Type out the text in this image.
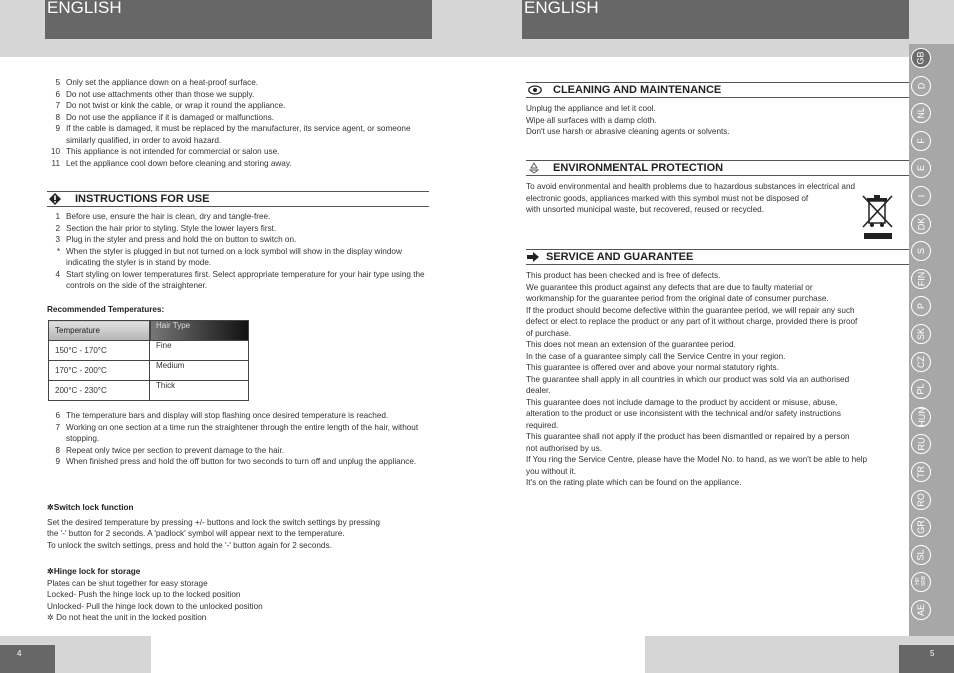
ENGLISH	ENGLISH
5 Only set the appliance down on a heat-proof surface.
6 Do not use attachments other than those we supply.
7 Do not twist or kink the cable, or wrap it round the appliance.
8 Do not use the appliance if it is damaged or malfunctions.
9 If the cable is damaged, it must be replaced by the manufacturer, its service agent, or someone similarly qualified, in order to avoid hazard.
10 This appliance is not intended for commercial or salon use.
11 Let the appliance cool down before cleaning and storing away.
INSTRUCTIONS FOR USE
1 Before use, ensure the hair is clean, dry and tangle-free.
2 Section the hair prior to styling. Style the lower layers first.
3 Plug in the styler and press and hold the on button to switch on.
* When the styler is plugged in but not turned on a lock symbol will show in the display window indicating the styler is in stand by mode.
4 Start styling on lower temperatures first. Select appropriate temperature for your hair type using the controls on the side of the straightener.
Recommended Temperatures:
Temperature	Hair Type
150°C - 170°C	Fine
170°C - 200°C	Medium
200°C - 230°C	Thick
6 The temperature bars and display will stop flashing once desired temperature is reached.
7 Working on one section at a time run the straightener through the entire length of the hair, without stopping.
8 Repeat only twice per section to prevent damage to the hair.
9 When finished press and hold the off button for two seconds to turn off and unplug the appliance.
✲Switch lock function
Set the desired temperature by pressing +/- buttons and lock the switch settings by pressing
the '-' button for 2 seconds. A 'padlock' symbol will appear next to the temperature.
To unlock the switch settings, press and hold the '-' button again for 2 seconds.
✲Hinge lock for storage
Plates can be shut together for easy storage
Locked- Push the hinge lock up to the locked position
Unlocked- Pull the hinge lock down to the unlocked position
✲ Do not heat the unit in the locked position
CLEANING AND MAINTENANCE
Unplug the appliance and let it cool.
Wipe all surfaces with a damp cloth.
Don't use harsh or abrasive cleaning agents or solvents.
ENVIRONMENTAL PROTECTION
To avoid environmental and health problems due to hazardous substances in electrical and
electronic goods, appliances marked with this symbol must not be disposed of
with unsorted municipal waste, but recovered, reused or recycled.
SERVICE AND GUARANTEE
This product has been checked and is free of defects.
We guarantee this product against any defects that are due to faulty material or
workmanship for the guarantee period from the original date of consumer purchase.
If the product should become defective within the guarantee period, we will repair any such
defect or elect to replace the product or any part of it without charge, provided there is proof
of purchase.
This does not mean an extension of the guarantee period.
In the case of a guarantee simply call the Service Centre in your region.
This guarantee is offered over and above your normal statutory rights.
The guarantee shall apply in all countries in which our product was sold via an authorised
dealer.
This guarantee does not include damage to the product by accident or misuse, abuse,
alteration to the product or use inconsistent with the technical and/or safety instructions
required.
This guarantee shall not apply if the product has been dismantled or repaired by a person
not authorised by us.
If You ring the Service Centre, please have the Model No. to hand, as we won't be able to help
you without it.
It's on the rating plate which can be found on the appliance.
4	5
GB
D
NL
F
E
I
DK
S
FIN
P
SK
CZ
PL
HUN
RU
TR
RO
GR
SL
HR SRB
AE
